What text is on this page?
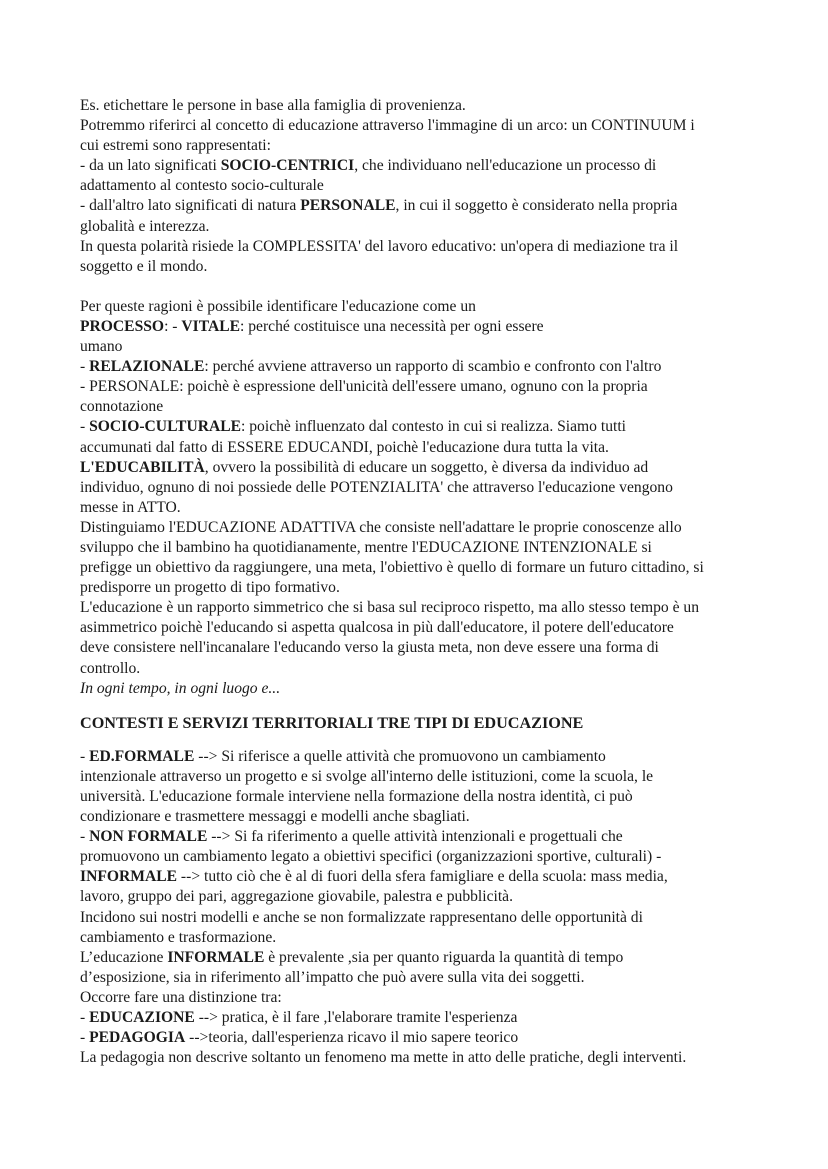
Es. etichettare le persone in base alla famiglia di provenienza.

Potremmo riferirci al concetto di educazione attraverso l'immagine di un arco: un CONTINUUM i

cui estremi sono rappresentati:

- da un lato significati SOCIO-CENTRICI, che individuano nell'educazione un processo di

adattamento al contesto socio-culturale

- dall'altro lato significati di natura PERSONALE, in cui il soggetto è considerato nella propria

globalità e interezza.

In questa polarità risiede la COMPLESSITA' del lavoro educativo: un'opera di mediazione tra il

soggetto e il mondo.

Per queste ragioni è possibile identificare l'educazione come un

PROCESSO: - VITALE: perché costituisce una necessità per ogni essere

umano

- RELAZIONALE: perché avviene attraverso un rapporto di scambio e confronto con l'altro

- PERSONALE: poichè è espressione dell'unicità dell'essere umano, ognuno con la propria

connotazione

- SOCIO-CULTURALE: poichè influenzato dal contesto in cui si realizza. Siamo tutti

accumunati dal fatto di ESSERE EDUCANDI, poichè l'educazione dura tutta la vita.

L'EDUCABILITÀ, ovvero la possibilità di educare un soggetto, è diversa da individuo ad

individuo, ognuno di noi possiede delle POTENZIALITA' che attraverso l'educazione vengono

messe in ATTO.

Distinguiamo l'EDUCAZIONE ADATTIVA che consiste nell'adattare le proprie conoscenze allo

sviluppo che il bambino ha quotidianamente, mentre l'EDUCAZIONE INTENZIONALE si

prefigge un obiettivo da raggiungere, una meta, l'obiettivo è quello di formare un futuro cittadino, si

predisporre un progetto di tipo formativo.

L'educazione è un rapporto simmetrico che si basa sul reciproco rispetto, ma allo stesso tempo è un

asimmetrico poichè l'educando si aspetta qualcosa in più dall'educatore, il potere dell'educatore

deve consistere nell'incanalare l'educando verso la giusta meta, non deve essere una forma di

controllo.

In ogni tempo, in ogni luogo e...

CONTESTI E SERVIZI TERRITORIALI TRE TIPI DI EDUCAZIONE

- ED.FORMALE --> Si riferisce a quelle attività che promuovono un cambiamento

intenzionale attraverso un progetto e si svolge all'interno delle istituzioni, come la scuola, le

università. L'educazione formale interviene nella formazione della nostra identità, ci può

condizionare e trasmettere messaggi e modelli anche sbagliati.

- NON FORMALE --> Si fa riferimento a quelle attività intenzionali e progettuali che

promuovono un cambiamento legato a obiettivi specifici (organizzazioni sportive, culturali) -

INFORMALE --> tutto ciò che è al di fuori della sfera famigliare e della scuola: mass media,

lavoro, gruppo dei pari, aggregazione giovabile, palestra e pubblicità.

Incidono sui nostri modelli e anche se non formalizzate rappresentano delle opportunità di

cambiamento e trasformazione.

L’educazione INFORMALE è prevalente ,sia per quanto riguarda la quantità di tempo

d’esposizione, sia in riferimento all’impatto che può avere sulla vita dei soggetti.

Occorre fare una distinzione tra:

- EDUCAZIONE --> pratica, è il fare ,l'elaborare tramite l'esperienza

- PEDAGOGIA -->teoria, dall'esperienza ricavo il mio sapere teorico

La pedagogia non descrive soltanto un fenomeno ma mette in atto delle pratiche, degli interventi.
